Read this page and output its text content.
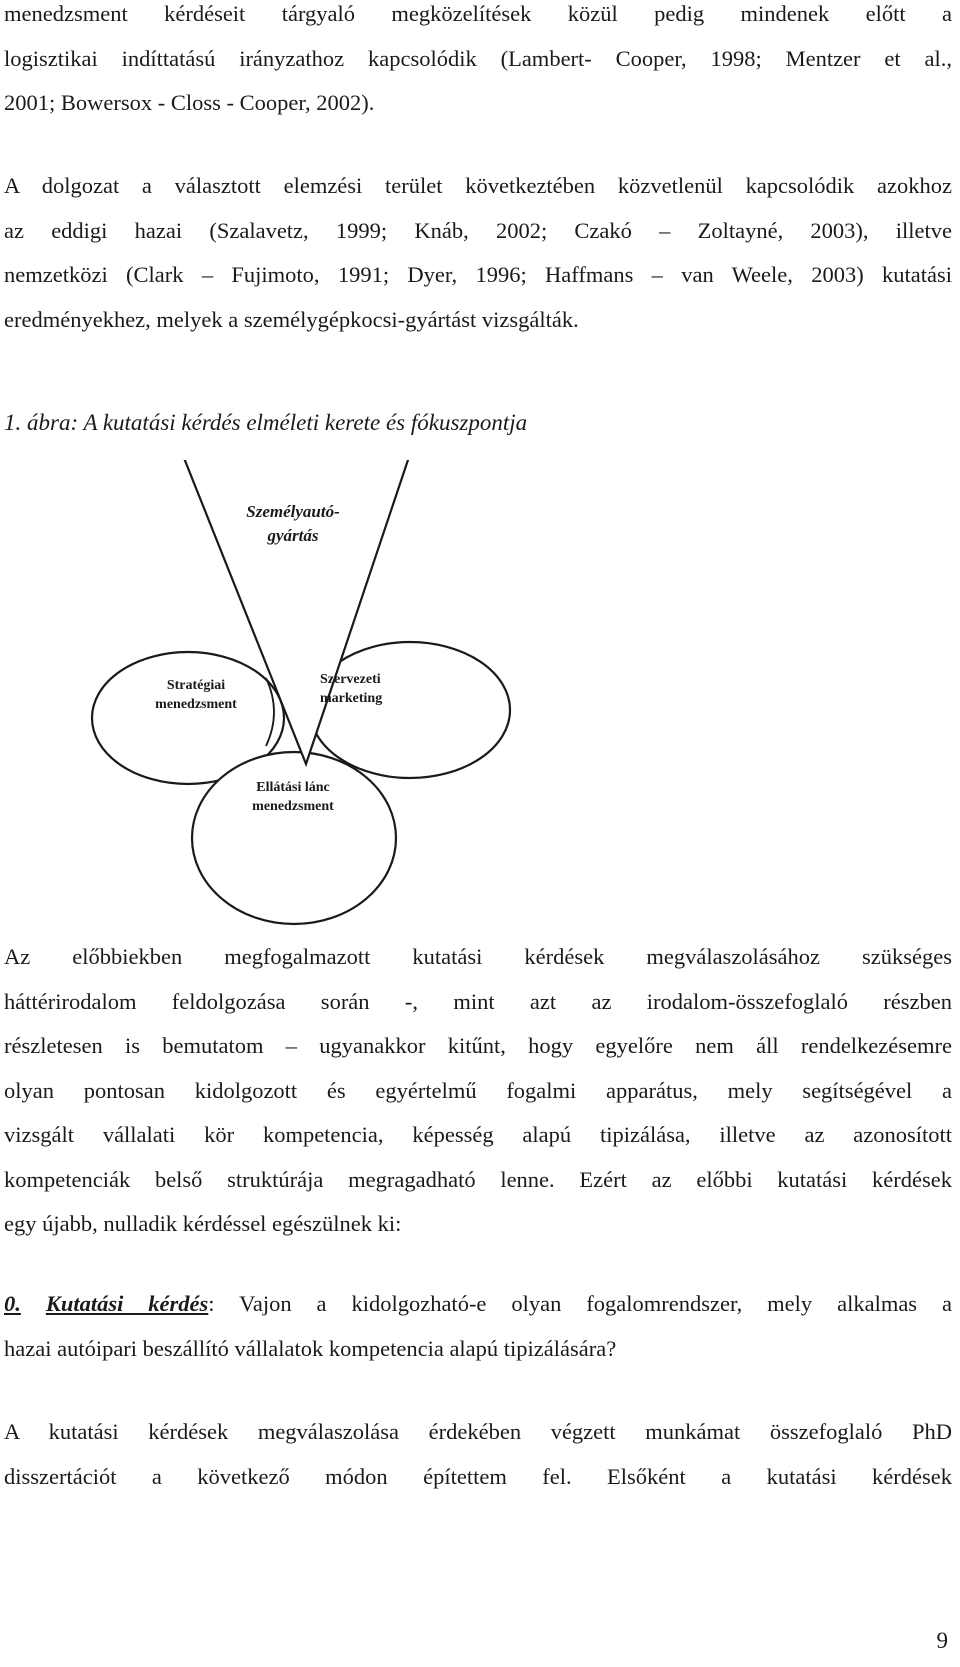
menedzsment kérdéseit tárgyaló megközelítések közül pedig mindenek előtt a
logisztikai indíttatású irányzathoz kapcsolódik (Lambert- Cooper, 1998; Mentzer et al.,
2001; Bowersox - Closs - Cooper, 2002).
A dolgozat a választott elemzési terület következtében közvetlenül kapcsolódik azokhoz
az eddigi hazai (Szalavetz, 1999; Knáb, 2002; Czakó – Zoltayné, 2003), illetve
nemzetközi (Clark – Fujimoto, 1991; Dyer, 1996; Haffmans – van Weele, 2003) kutatási
eredményekhez, melyek a személygépkocsi-gyártást vizsgálták.

1. ábra: A kutatási kérdés elméleti kerete és fókuszpontja

Személyautó-
gyártás
Stratégiai
menedzsment
Szervezeti
marketing
Ellátási lánc
menedzsment
Az előbbiekben megfogalmazott kutatási kérdések megválaszolásához szükséges
háttérirodalom feldolgozása során -, mint azt az irodalom-összefoglaló részben
részletesen is bemutatom – ugyanakkor kitűnt, hogy egyelőre nem áll rendelkezésemre
olyan pontosan kidolgozott és egyértelmű fogalmi apparátus, mely segítségével a
vizsgált vállalati kör kompetencia, képesség alapú tipizálása, illetve az azonosított
kompetenciák belső struktúrája megragadható lenne. Ezért az előbbi kutatási kérdések
egy újabb, nulladik kérdéssel egészülnek ki:
0. Kutatási kérdés: Vajon a kidolgozható-e olyan fogalomrendszer, mely alkalmas a
hazai autóipari beszállító vállalatok kompetencia alapú tipizálására?
A kutatási kérdések megválaszolása érdekében végzett munkámat összefoglaló PhD
disszertációt a következő módon építettem fel. Elsőként a kutatási kérdések
9
